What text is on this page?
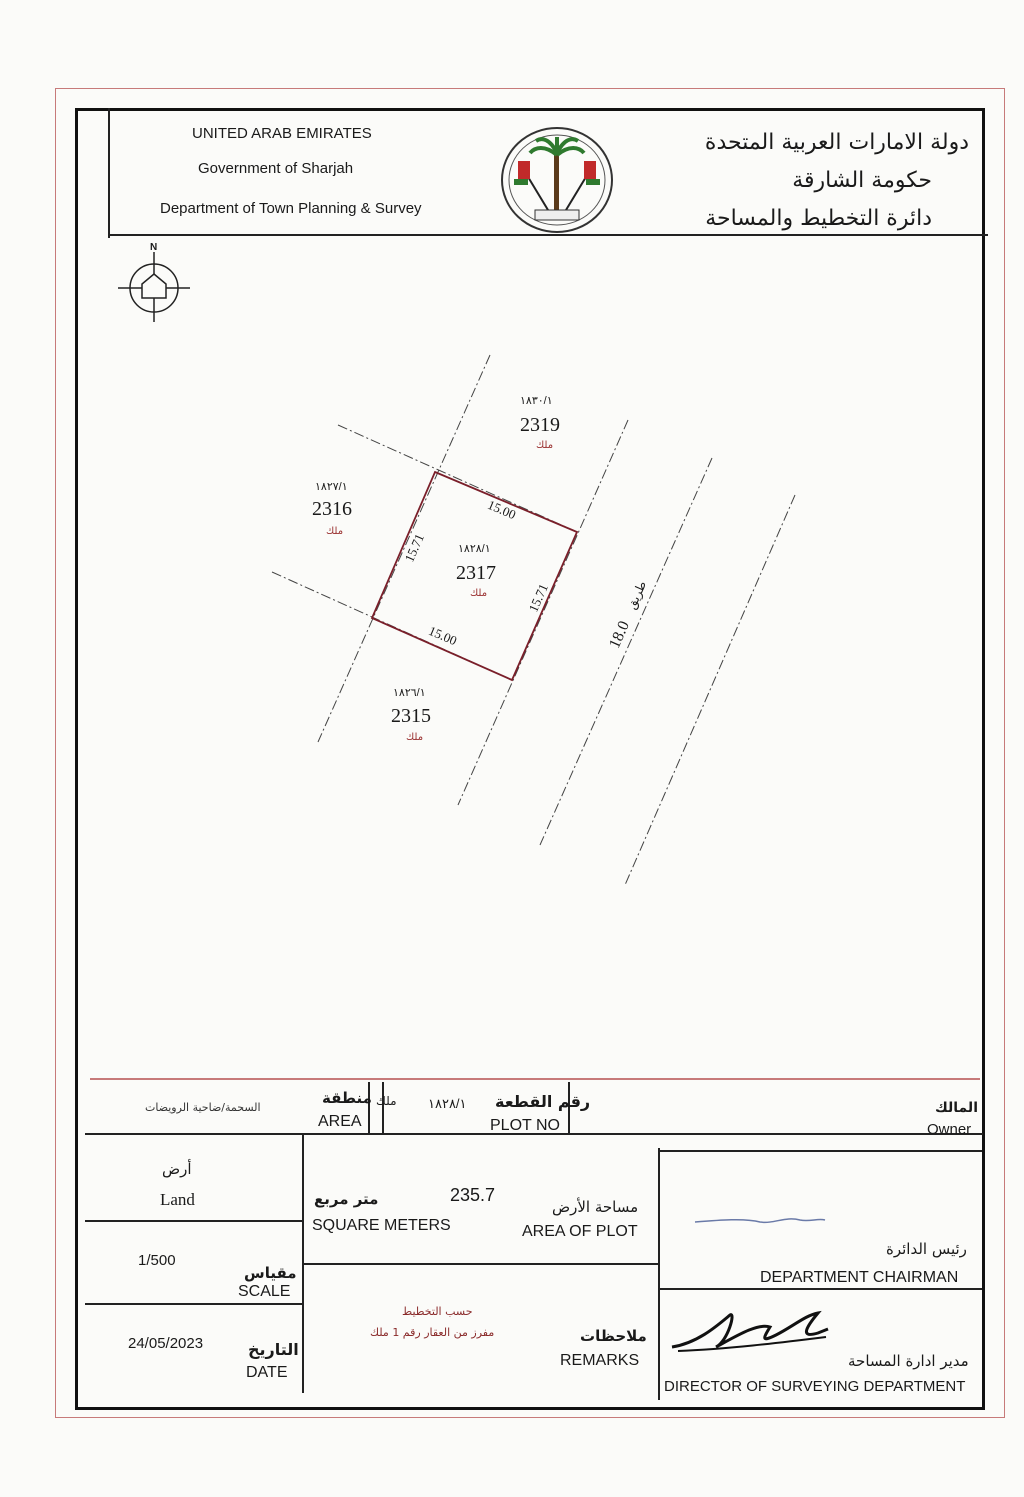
UNITED ARAB EMIRATES
Government of Sharjah
Department of Town Planning & Survey
دولة الامارات العربية المتحدة
حكومة الشارقة
دائرة التخطيط والمساحة
N
١٨٣٠/١
2319
ملك
١٨٢٧/١
2316
ملك
١٨٢٨/١
2317
ملك
١٨٢٦/١
2315
ملك
15.00
15.00
15.71
15.71
18.0
طريق
السحمة/ضاحية الرويضات
منطقة
AREA
ملك ١٨٢٨/١ رقم القطعة
PLOT NO
المالك
Owner
أرض
Land	235.7
متر مربع
SQUARE METERS
مساحة الأرض
AREA OF PLOT
1/500
مقياس
SCALE
24/05/2023	التاريخ
DATE
حسب التخطيط
مفرز من العقار رقم 1 ملك	ملاحظات
REMARKS
رئيس الدائرة
DEPARTMENT CHAIRMAN
مدير ادارة المساحة
DIRECTOR OF SURVEYING DEPARTMENT
